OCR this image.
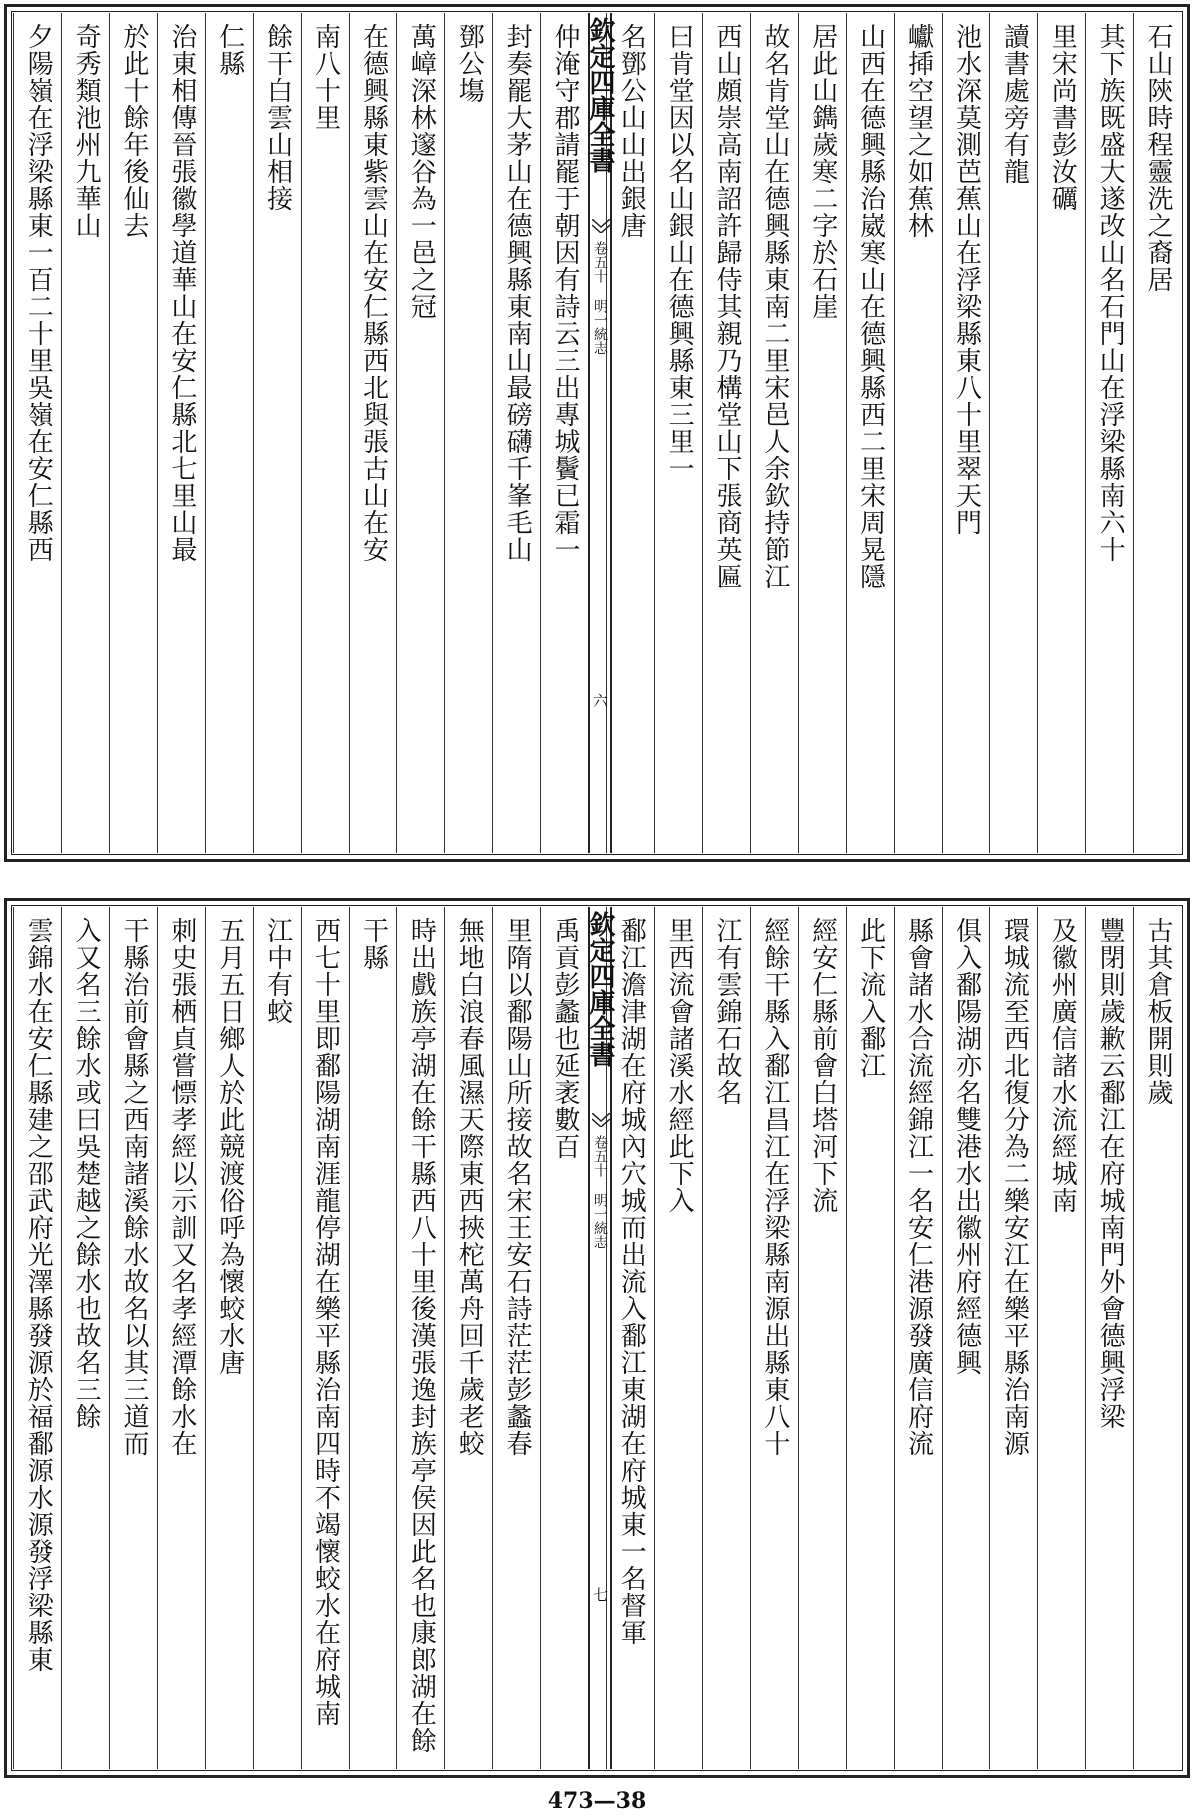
石山陝時程靈洗之裔居
其下族既盛大遂改山名石門山在浮梁縣南六十
里宋尚書彭汝礪
讀書處旁有龍
池水深莫測芭蕉山在浮梁縣東八十里翠天門
巘揷空望之如蕉林
山西在德興縣治崴寒山在德興縣西二里宋周晃隱
居此山鐫歲寒二字於石崖
故名肯堂山在德興縣東南二里宋邑人余欽持節江
西山頗崇高南詔許歸侍其親乃構堂山下張商英匾
曰肯堂因以名山銀山在德興縣東三里一
名鄧公山山出銀唐
欽定四庫全書
卷五十 明一統志
六
仲淹守郡請罷于朝因有詩云三出專城鬢已霜一
封奏罷大茅山在德興縣東南山最磅礴千峯毛山
鄧公塲
萬嶂深林邃谷為一邑之冠
在德興縣東紫雲山在安仁縣西北與張古山在安
南八十里
餘干白雲山相接
仁縣
治東相傳晉張徽學道華山在安仁縣北七里山最
於此十餘年後仙去
奇秀類池州九華山
夕陽嶺在浮梁縣東一百二十里吳嶺在安仁縣西
古其倉板開則歲
豐閉則歲歉云鄱江在府城南門外會德興浮梁
及徽州廣信諸水流經城南
環城流至西北復分為二樂安江在樂平縣治南源
俱入鄱陽湖亦名雙港水出徽州府經德興
縣會諸水合流經錦江一名安仁港源發廣信府流
此下流入鄱江
經安仁縣前會白塔河下流
經餘干縣入鄱江昌江在浮梁縣南源出縣東八十
江有雲錦石故名
里西流會諸溪水經此下入
鄱江澹津湖在府城內穴城而出流入鄱江東湖在府城東一名督軍
欽定四庫全書
卷五十 明一統志
七
禹貢彭蠡也延袤數百
里隋以鄱陽山所接故名宋王安石詩茫茫彭蠡春
無地白浪春風濕天際東西挾柁萬舟回千歲老蛟
時出戲族亭湖在餘干縣西八十里後漢張逸封族亭侯因此名也康郎湖在餘
干縣
西七十里即鄱陽湖南涯龍停湖在樂平縣治南四時不竭懷蛟水在府城南
江中有蛟
五月五日鄉人於此競渡俗呼為懷蛟水唐
刺史張栖貞嘗慓孝經以示訓又名孝經潭餘水在
干縣治前會縣之西南諸溪餘水故名以其三道而
入又名三餘水或曰吳楚越之餘水也故名三餘
雲錦水在安仁縣建之邵武府光澤縣發源於福鄱源水源發浮梁縣東
473—38
